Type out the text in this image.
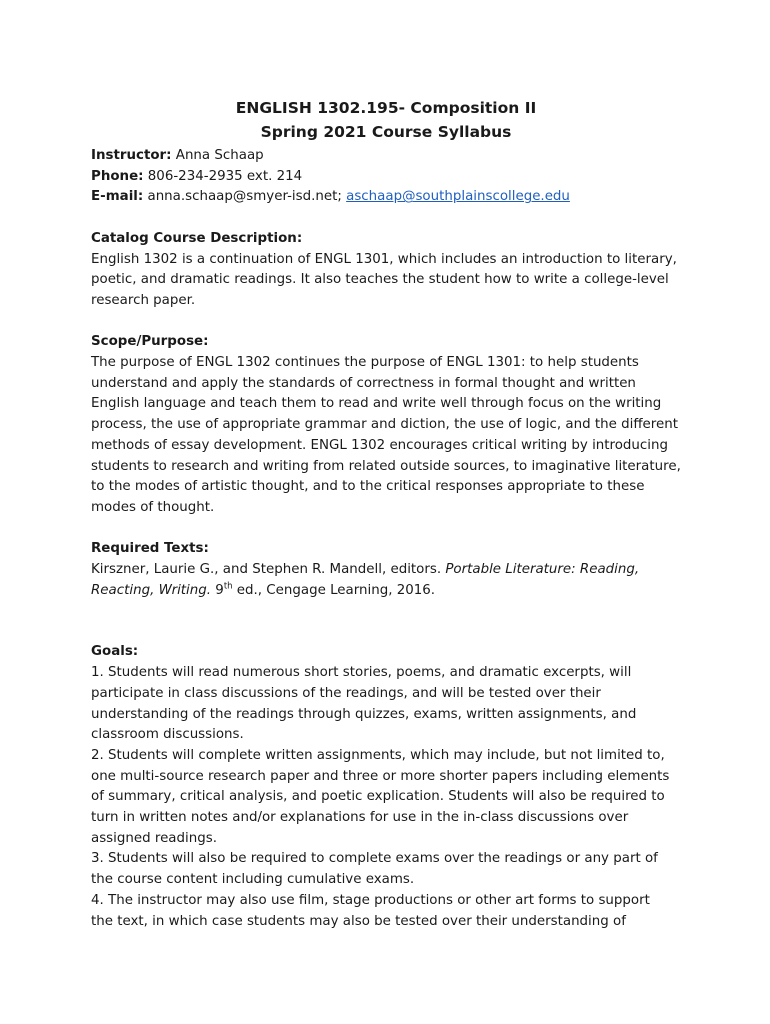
ENGLISH 1302.195- Composition II
Spring 2021 Course Syllabus
Instructor: Anna Schaap
Phone: 806-234-2935 ext. 214
E-mail: anna.schaap@smyer-isd.net; aschaap@southplainscollege.edu
Catalog Course Description:
English 1302 is a continuation of ENGL 1301, which includes an introduction to literary,
poetic, and dramatic readings. It also teaches the student how to write a college-level
research paper.
Scope/Purpose:
The purpose of ENGL 1302 continues the purpose of ENGL 1301: to help students
understand and apply the standards of correctness in formal thought and written
English language and teach them to read and write well through focus on the writing
process, the use of appropriate grammar and diction, the use of logic, and the different
methods of essay development. ENGL 1302 encourages critical writing by introducing
students to research and writing from related outside sources, to imaginative literature,
to the modes of artistic thought, and to the critical responses appropriate to these
modes of thought.
Required Texts:
Kirszner, Laurie G., and Stephen R. Mandell, editors. Portable Literature: Reading,
Reacting, Writing. 9th ed., Cengage Learning, 2016.
Goals:
1. Students will read numerous short stories, poems, and dramatic excerpts, will
participate in class discussions of the readings, and will be tested over their
understanding of the readings through quizzes, exams, written assignments, and
classroom discussions.
2. Students will complete written assignments, which may include, but not limited to,
one multi-source research paper and three or more shorter papers including elements
of summary, critical analysis, and poetic explication. Students will also be required to
turn in written notes and/or explanations for use in the in-class discussions over
assigned readings.
3. Students will also be required to complete exams over the readings or any part of
the course content including cumulative exams.
4. The instructor may also use film, stage productions or other art forms to support
the text, in which case students may also be tested over their understanding of
